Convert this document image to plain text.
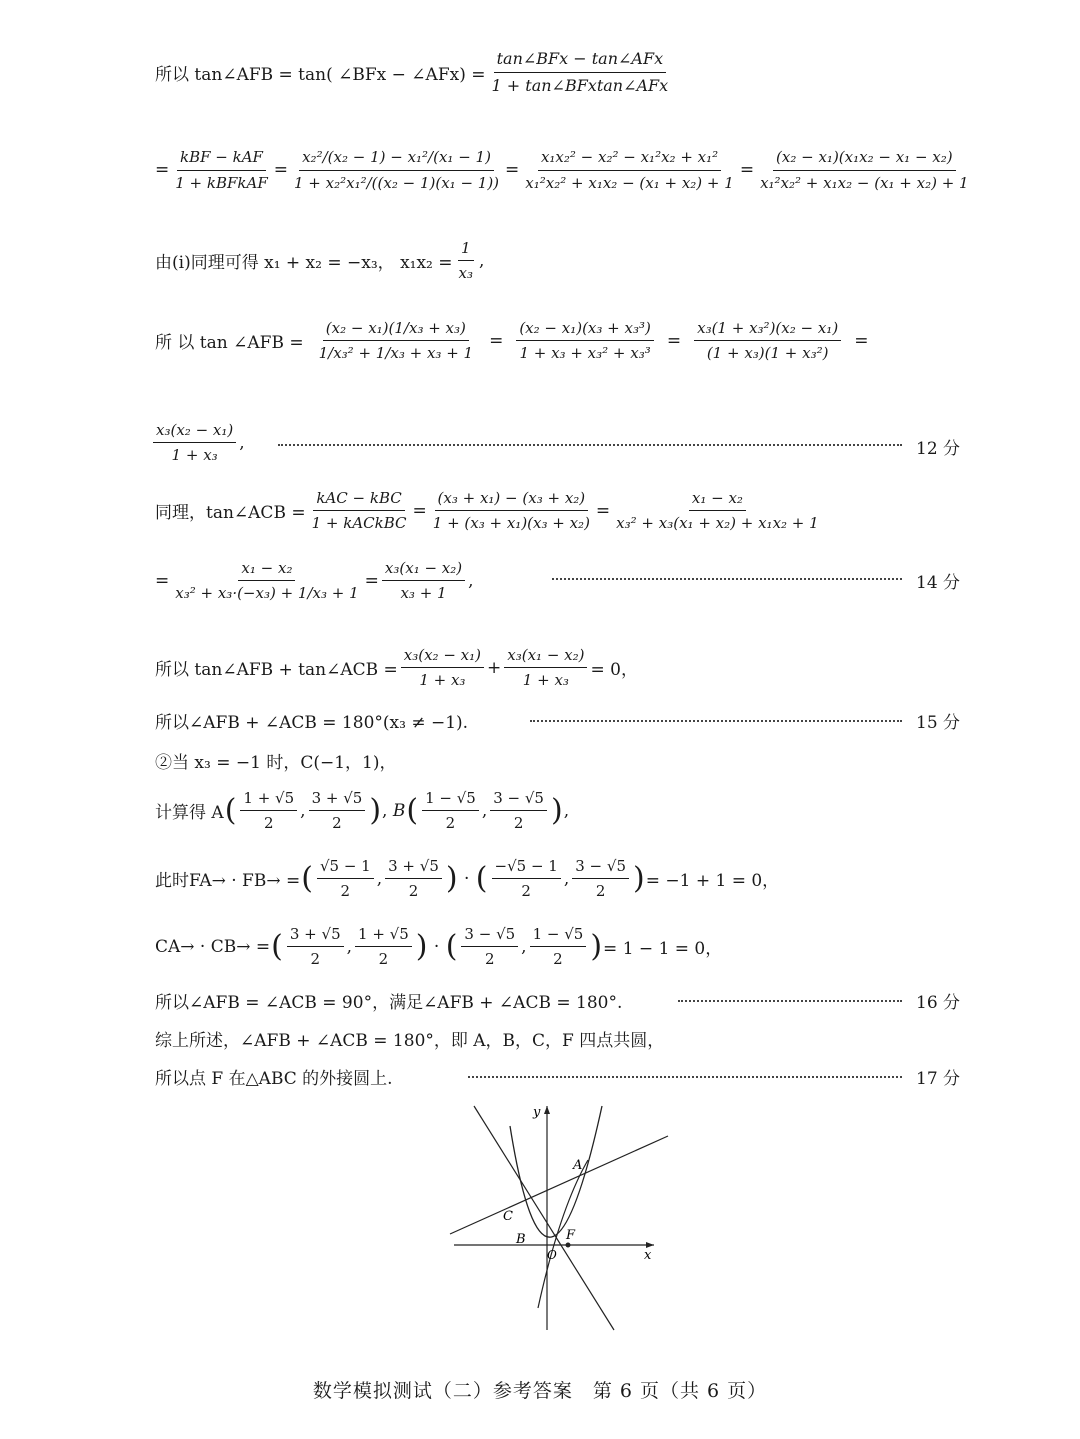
所以 tan∠AFB = tan( ∠BFx − ∠AFx) = $\frac{\text{tan∠BFx − tan∠AFx}}{\text{1 + tan∠BFxtan∠AFx}}$
= $\frac{\text{kBF − kAF}}{\text{1 + kBFkAF}} = \frac{\text{x₂²/(x₂ − 1) − x₁²/(x₁ − 1)}}{\text{1 + x₂²x₁²/((x₂ − 1)(x₁ − 1))}} = \frac{\text{x₁x₂² − x₂² − x₁²x₂ + x₁²}}{\text{x₁²x₂² + x₁x₂ − (x₁ + x₂) + 1}} = \frac{\text{(x₂ − x₁)(x₁x₂ − x₁ − x₂)}}{\text{x₁²x₂² + x₁x₂ − (x₁ + x₂) + 1}}$
由(i)同理可得 x₁ + x₂ = −x₃， $x_1x_2 = \frac{1}{\text{x₃}}$ ,
所 以 tan ∠AFB = $\frac{\text{(x₂ − x₁)(1/x₃ + x₃)}}{\text{1/x₃² + 1/x₃ + x₃ + 1}} = \frac{\text{(x₂ − x₁)(x₃ + x₃³)}}{\text{1 + x₃ + x₃² + x₃³}} = \frac{\text{x₃(1 + x₃²)(x₂ − x₁)}}{\text{(1 + x₃)(1 + x₃²)}}$ =
$\frac{\text{x₃(x₂ − x₁)}}{\text{1 + x₃}}$ ,	12 分
同理，tan∠ACB = $\frac{\text{kAC − kBC}}{\text{1 + kACkBC}} = \frac{\text{(x₃ + x₁) − (x₃ + x₂)}}{\text{1 + (x₃ + x₁)(x₃ + x₂)}} = \frac{\text{x₁ − x₂}}{\text{x₃² + x₃(x₁ + x₂) + x₁x₂ + 1}}$
= $\frac{\text{x₁ − x₂}}{\text{x₃² + x₃·(−x₃) + 1/x₃ + 1}} = \frac{\text{x₃(x₁ − x₂)}}{\text{x₃ + 1}}$ ,	14 分
所以 tan∠AFB + tan∠ACB = $\frac{\text{x₃(x₂ − x₁)}}{\text{1 + x₃}} + \frac{\text{x₃(x₁ − x₂)}}{\text{1 + x₃}} = 0$，
所以∠AFB + ∠ACB = 180°(x₃ ≠ −1).	15 分
②当 x₃ = −1 时，C(−1，1)，
计算得 A ( $\frac{1 + √5}{2}$ , $\frac{3 + √5}{2}$ ) , B ( $\frac{1 - √5}{2}$ , $\frac{3 - √5}{2}$ ) ,
此时FA→ · FB→ = ( $\frac{√5 - 1}{2}$ , $\frac{3 + √5}{2}$ ) · ( $\frac{-√5 - 1}{2}$ , $\frac{3 - √5}{2}$ ) = −1 + 1 = 0，
CA→ · CB→ = ( $\frac{3 + √5}{2}$ , $\frac{1 + √5}{2}$ ) · ( $\frac{3 - √5}{2}$ , $\frac{1 - √5}{2}$ ) = 1 − 1 = 0，
所以∠AFB = ∠ACB = 90°，满足∠AFB + ∠ACB = 180°.	16 分
综上所述，∠AFB + ∠ACB = 180°，即 A，B，C，F 四点共圆，
所以点 F 在△ABC 的外接圆上.	17 分
x
y
A
C
B
O
F
数学模拟测试（二）参考答案　第 6 页（共 6 页）
